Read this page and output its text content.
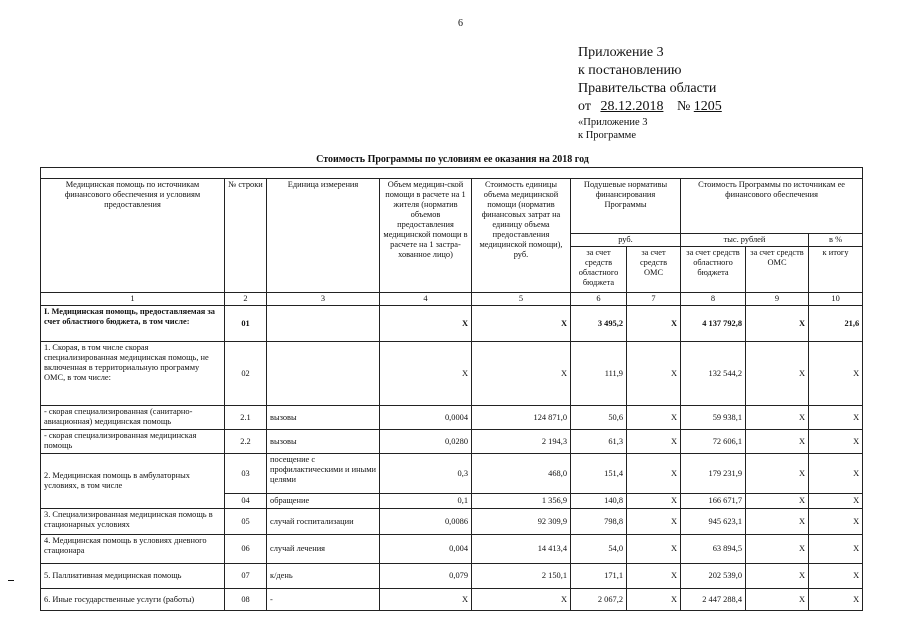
6
Приложение 3
к постановлению
Правительства области
от 28.12.2018 № 1205
«Приложение 3
к Программе
Стоимость Программы по условиям ее оказания на 2018 год

Медицинская помощь по источникам финансового обеспечения и условиям предоставления	№ строки	Единица измерения	Объем медицин-ской помощи в расчете на 1 жителя (норматив объемов предоставления медицинской помощи в расчете на 1 застра-хованное лицо)	Стоимость единицы объема медицинской помощи (норматив финансовых затрат на единицу объема предоставления медицинской помощи), руб.	Подушевые нормативы финансирования Программы		Стоимость Программы по источникам ее финансового обеспечения		
					руб.		тыс. рублей		в %
					за счет средств областного бюджета	за счет средств ОМС	за счет средств областного бюджета	за счет средств ОМС	к итогу
1	2	3	4	5	6	7	8	9	10
I. Медицинская помощь, предоставляемая за счет областного бюджета, в том числе:	01		X	X	3 495,2	X	4 137 792,8	X	21,6
1. Скорая, в том числе скорая специализированная медицинская помощь, не включенная в территориальную программу ОМС, в том числе:	02		X	X	111,9	X	132 544,2	X	X
- скорая специализированная (санитарно-авиационная) медицинская помощь	2.1	вызовы	0,0004	124 871,0	50,6	X	59 938,1	X	X
- скорая специализированная медицинская помощь	2.2	вызовы	0,0280	2 194,3	61,3	X	72 606,1	X	X
2. Медицинская помощь в амбулаторных условиях, в том числе	03	посещение с профилактическими и иными целями	0,3	468,0	151,4	X	179 231,9	X	X
	04	обращение	0,1	1 356,9	140,8	X	166 671,7	X	X
3. Специализированная медицинская помощь в стационарных условиях	05	случай госпитализации	0,0086	92 309,9	798,8	X	945 623,1	X	X
4. Медицинская помощь в условиях дневного стационара	06	случай лечения	0,004	14 413,4	54,0	X	63 894,5	X	X
5. Паллиативная медицинская помощь	07	к/день	0,079	2 150,1	171,1	X	202 539,0	X	X
6. Иные государственные услуги (работы)	08	-	X	X	2 067,2	X	2 447 288,4	X	X
